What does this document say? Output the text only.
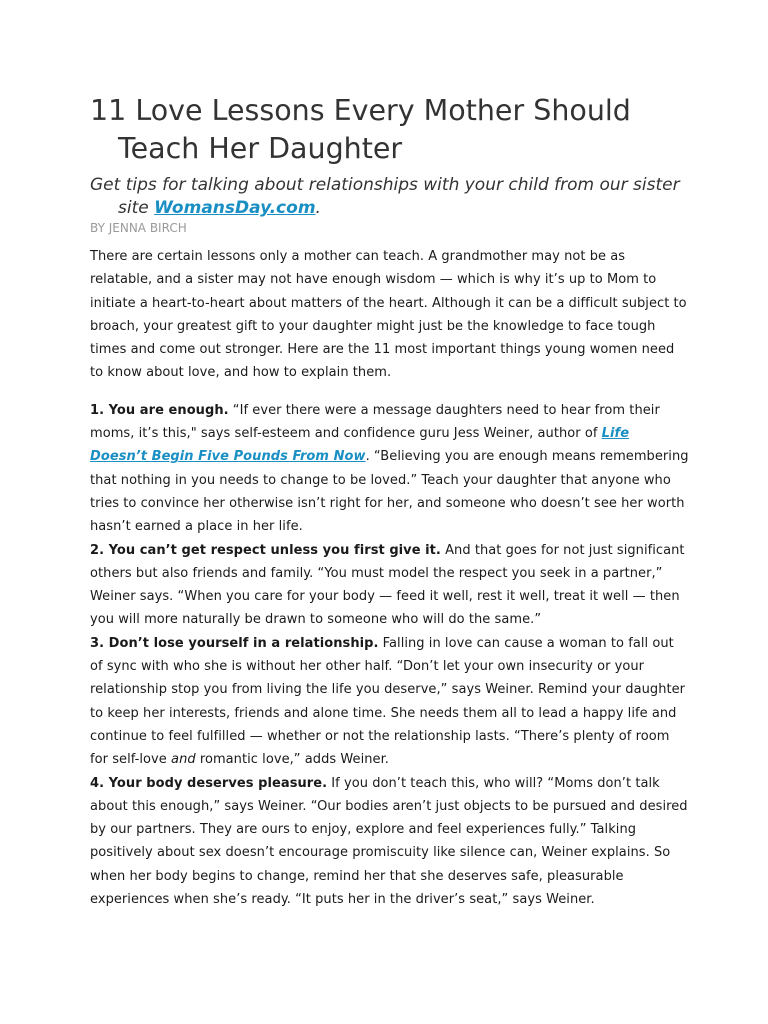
11 Love Lessons Every Mother Should Teach Her Daughter

Get tips for talking about relationships with your child from our sister site WomansDay.com.

BY JENNA BIRCH

There are certain lessons only a mother can teach. A grandmother may not be as relatable, and a sister may not have enough wisdom — which is why it’s up to Mom to initiate a heart-to-heart about matters of the heart. Although it can be a difficult subject to broach, your greatest gift to your daughter might just be the knowledge to face tough times and come out stronger. Here are the 11 most important things young women need to know about love, and how to explain them.

1. You are enough. “If ever there were a message daughters need to hear from their moms, it’s this," says self-esteem and confidence guru Jess Weiner, author of Life Doesn’t Begin Five Pounds From Now. “Believing you are enough means remembering that nothing in you needs to change to be loved.” Teach your daughter that anyone who tries to convince her otherwise isn’t right for her, and someone who doesn’t see her worth hasn’t earned a place in her life.

2. You can’t get respect unless you first give it. And that goes for not just significant others but also friends and family. “You must model the respect you seek in a partner,” Weiner says. “When you care for your body — feed it well, rest it well, treat it well — then you will more naturally be drawn to someone who will do the same.”

3. Don’t lose yourself in a relationship. Falling in love can cause a woman to fall out of sync with who she is without her other half. “Don’t let your own insecurity or your relationship stop you from living the life you deserve,” says Weiner. Remind your daughter to keep her interests, friends and alone time. She needs them all to lead a happy life and continue to feel fulfilled — whether or not the relationship lasts. “There’s plenty of room for self-love and romantic love,” adds Weiner.

4. Your body deserves pleasure. If you don’t teach this, who will? “Moms don’t talk about this enough,” says Weiner. “Our bodies aren’t just objects to be pursued and desired by our partners. They are ours to enjoy, explore and feel experiences fully.” Talking positively about sex doesn’t encourage promiscuity like silence can, Weiner explains. So when her body begins to change, remind her that she deserves safe, pleasurable experiences when she’s ready. “It puts her in the driver’s seat,” says Weiner.
